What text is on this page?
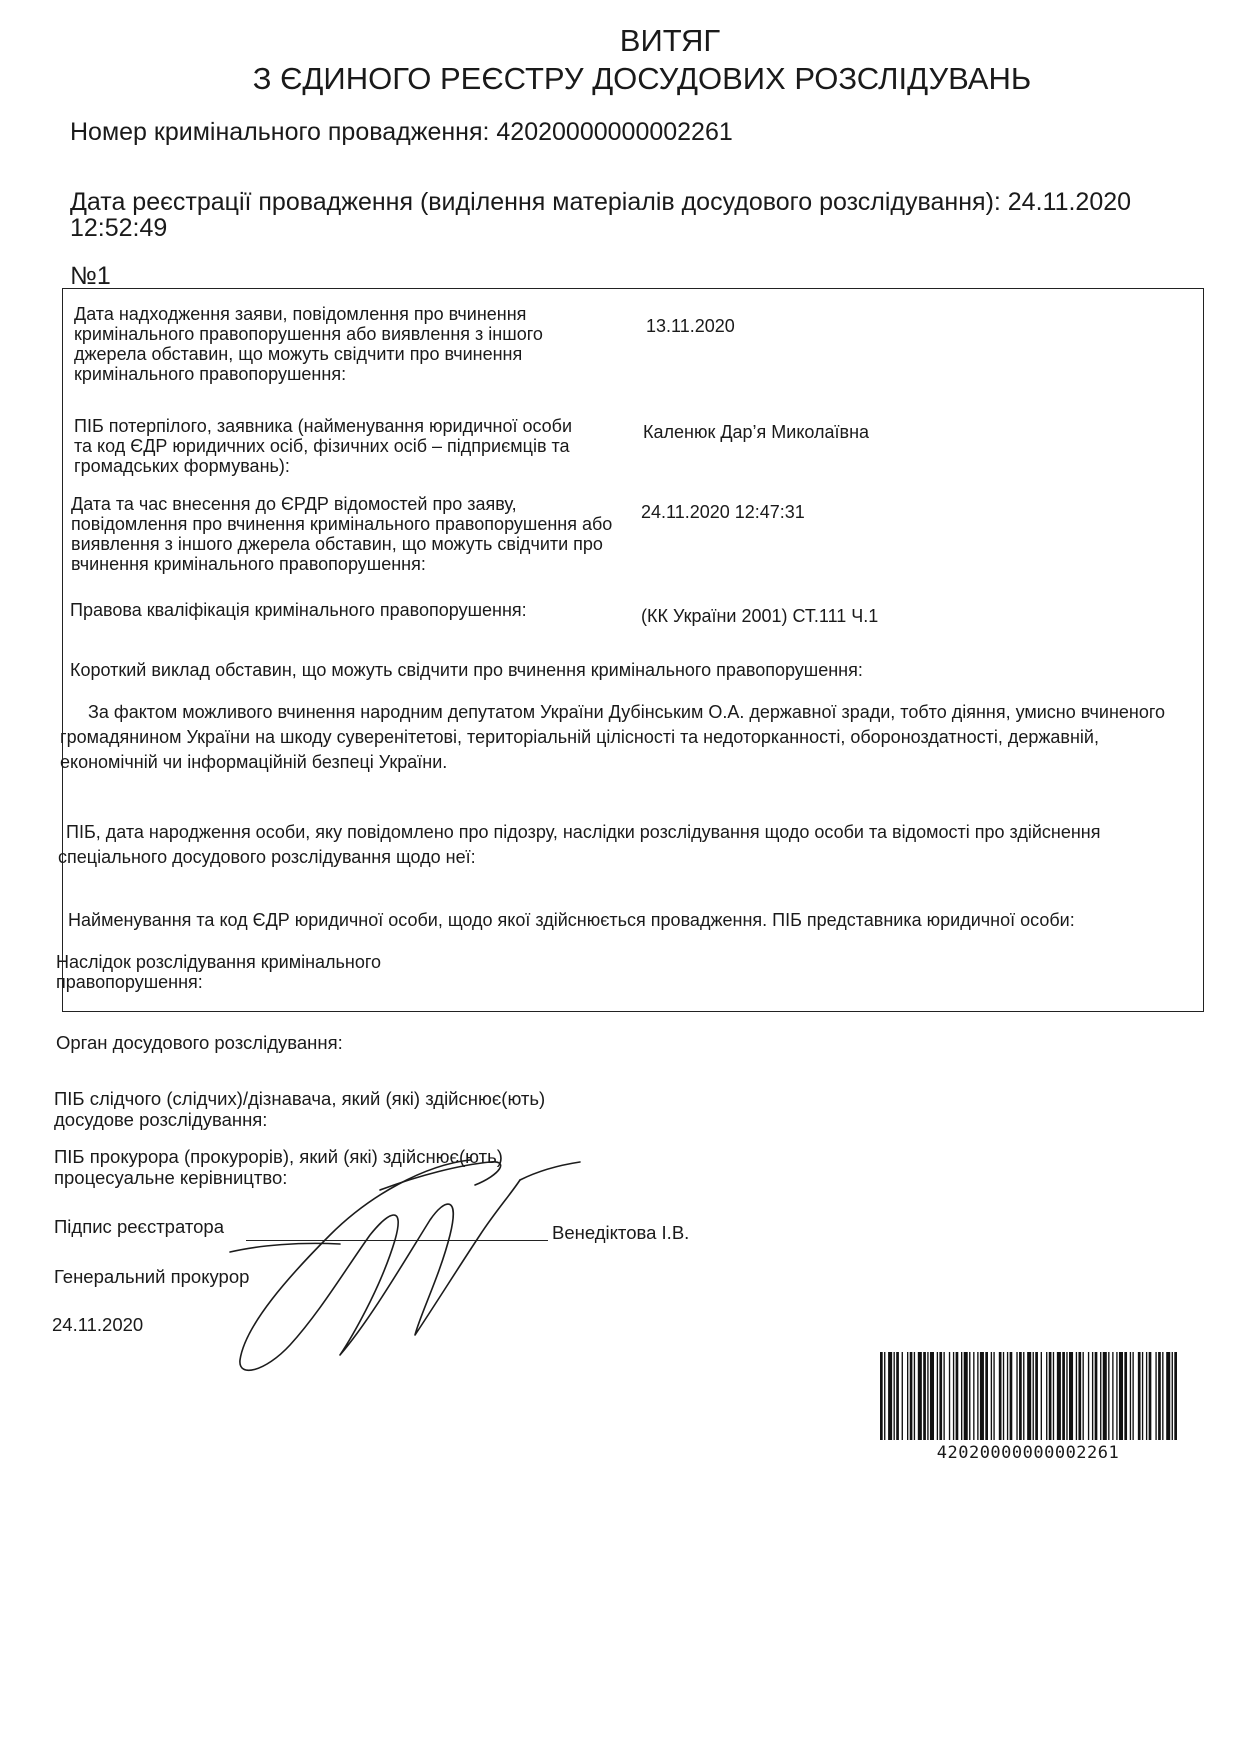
ВИТЯГ
З ЄДИНОГО РЕЄСТРУ ДОСУДОВИХ РОЗСЛІДУВАНЬ
Номер кримінального провадження: 42020000000002261
Дата реєстрації провадження (виділення матеріалів досудового розслідування): 24.11.2020
12:52:49
№1
Дата надходження заяви, повідомлення про вчинення
кримінального правопорушення або виявлення з іншого
джерела обставин, що можуть свідчити про вчинення
кримінального правопорушення:
13.11.2020
ПІБ потерпілого, заявника (найменування юридичної особи
та код ЄДР юридичних осіб, фізичних осіб – підприємців та
громадських формувань):
Каленюк Дар’я Миколаївна
Дата та час внесення до ЄРДР відомостей про заяву,
повідомлення про вчинення кримінального правопорушення або
виявлення з іншого джерела обставин, що можуть свідчити про
вчинення кримінального правопорушення:
24.11.2020 12:47:31
Правова кваліфікація кримінального правопорушення:	(КК України 2001) СТ.111 Ч.1
Короткий виклад обставин, що можуть свідчити про вчинення кримінального правопорушення:
За фактом можливого вчинення народним депутатом України Дубінським О.А. державної зради, тобто діяння, умисно вчиненого
громадянином України на шкоду суверенітетові, територіальній цілісності та недоторканності, обороноздатності, державній,
економічній чи інформаційній безпеці України.
ПІБ, дата народження особи, яку повідомлено про підозру, наслідки розслідування щодо особи та відомості про здійснення
спеціального досудового розслідування щодо неї:
Найменування та код ЄДР юридичної особи, щодо якої здійснюється провадження. ПІБ представника юридичної особи:
Наслідок розслідування кримінального
правопорушення:
Орган досудового розслідування:
ПІБ слідчого (слідчих)/дізнавача, який (які) здійснює(ють)
досудове розслідування:
ПІБ прокурора (прокурорів), який (які) здійснює(ють)
процесуальне керівництво:
Підпис реєстратора	Венедіктова І.В.
Генеральний прокурор
24.11.2020
42020000000002261
